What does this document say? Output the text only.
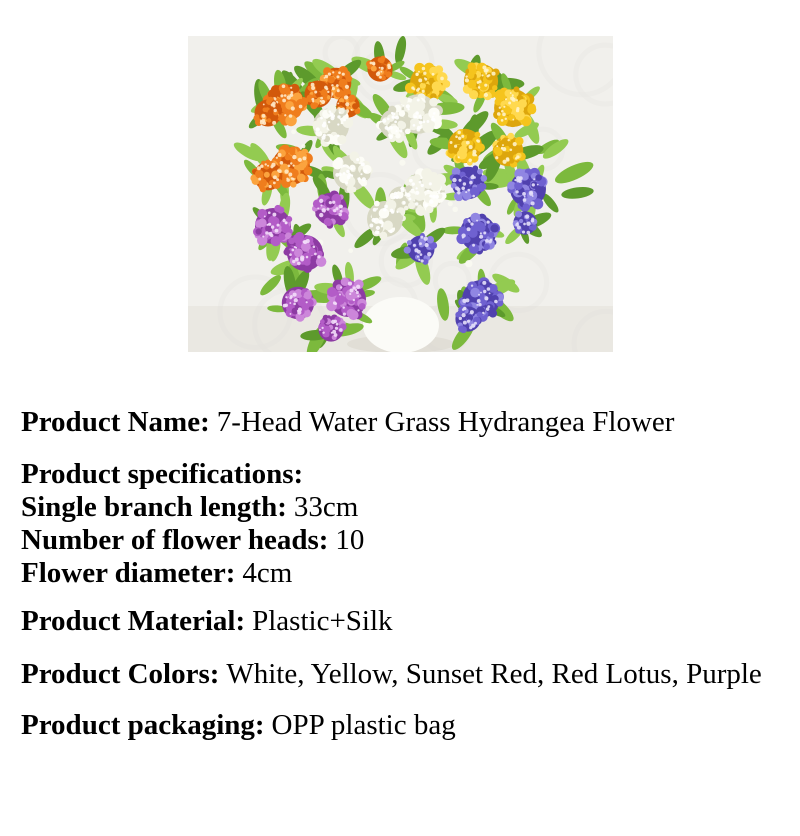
Product Name: 7-Head Water Grass Hydrangea Flower

Product specifications:

Single branch length: 33cm

Number of flower heads: 10

Flower diameter: 4cm

Product Material: Plastic+Silk

Product Colors: White, Yellow, Sunset Red, Red Lotus, Purple

Product packaging: OPP plastic bag
